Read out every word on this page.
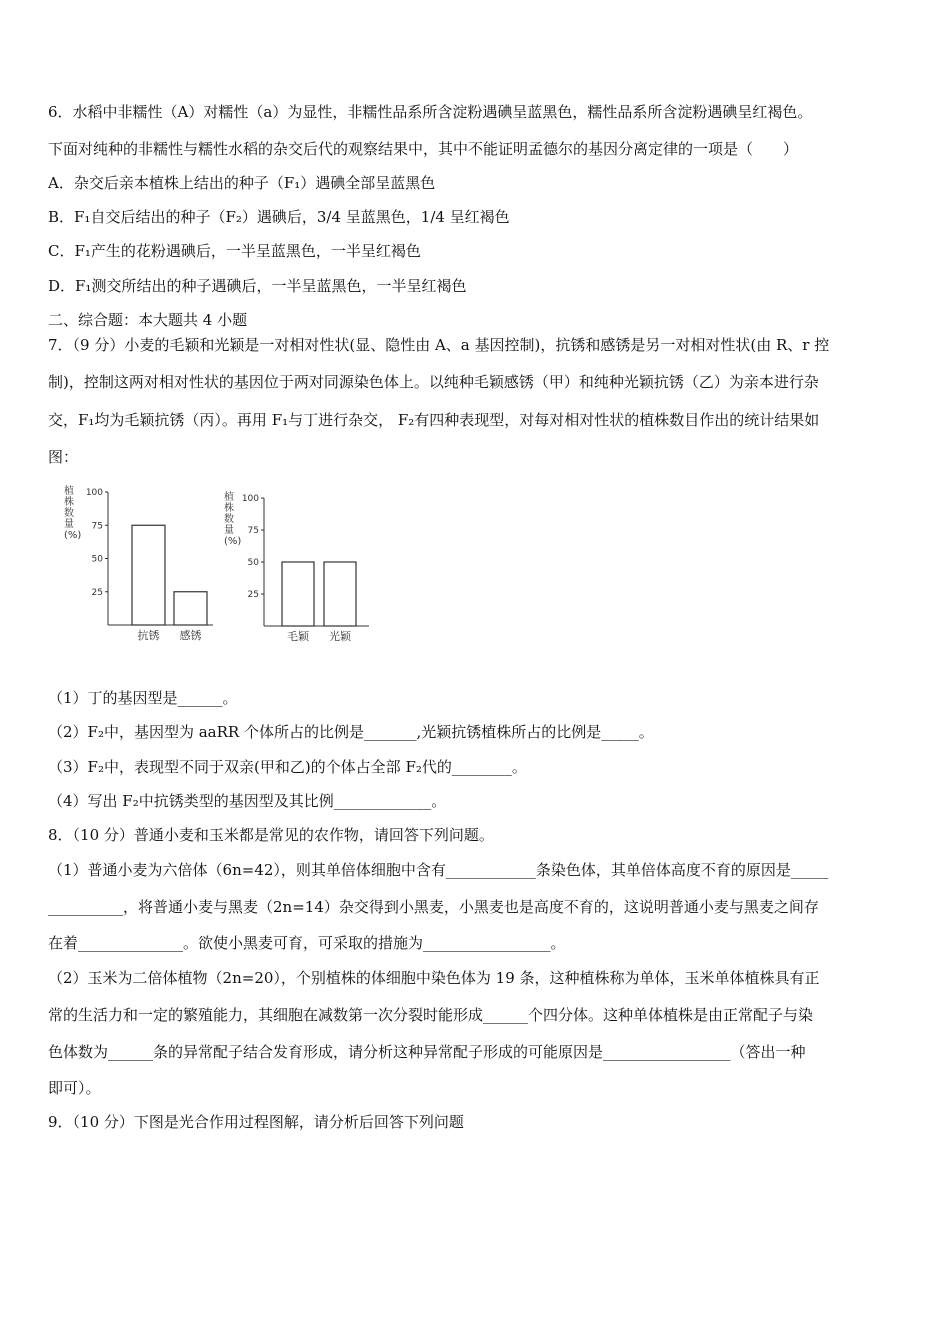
6．水稻中非糯性（A）对糯性（a）为显性，非糯性品系所含淀粉遇碘呈蓝黑色，糯性品系所含淀粉遇碘呈红褐色。
下面对纯种的非糯性与糯性水稻的杂交后代的观察结果中，其中不能证明孟德尔的基因分离定律的一项是（　　）
A．杂交后亲本植株上结出的种子（F₁）遇碘全部呈蓝黑色
B．F₁自交后结出的种子（F₂）遇碘后，3/4 呈蓝黑色，1/4 呈红褐色
C．F₁产生的花粉遇碘后，一半呈蓝黑色，一半呈红褐色
D．F₁测交所结出的种子遇碘后，一半呈蓝黑色，一半呈红褐色
二、综合题：本大题共 4 小题
7．（9 分）小麦的毛颖和光颖是一对相对性状(显、隐性由 A、a 基因控制)，抗锈和感锈是另一对相对性状(由 R、r 控
制)，控制这两对相对性状的基因位于两对同源染色体上。以纯种毛颖感锈（甲）和纯种光颖抗锈（乙）为亲本进行杂
交，F₁均为毛颖抗锈（丙）。再用 F₁与丁进行杂交， F₂有四种表现型，对每对相对性状的植株数目作出的统计结果如
图：
植
株
数
量
(%)
25
50
75
100
抗锈 感锈
植
株
数
量
(%)
25
50
75
100
毛颖 光颖
（1）丁的基因型是______。
（2）F₂中，基因型为 aaRR 个体所占的比例是_______,光颖抗锈植株所占的比例是_____。
（3）F₂中，表现型不同于双亲(甲和乙)的个体占全部 F₂代的________。
（4）写出 F₂中抗锈类型的基因型及其比例_____________。
8．（10 分）普通小麦和玉米都是常见的农作物，请回答下列问题。
（1）普通小麦为六倍体（6n=42），则其单倍体细胞中含有____________条染色体，其单倍体高度不育的原因是_____
__________，将普通小麦与黑麦（2n=14）杂交得到小黑麦，小黑麦也是高度不育的，这说明普通小麦与黑麦之间存
在着______________。欲使小黑麦可育，可采取的措施为_________________。
（2）玉米为二倍体植物（2n=20），个别植株的体细胞中染色体为 19 条，这种植株称为单体，玉米单体植株具有正
常的生活力和一定的繁殖能力，其细胞在减数第一次分裂时能形成______个四分体。这种单体植株是由正常配子与染
色体数为______条的异常配子结合发育形成，请分析这种异常配子形成的可能原因是_________________（答出一种
即可）。
9．（10 分）下图是光合作用过程图解，请分析后回答下列问题
